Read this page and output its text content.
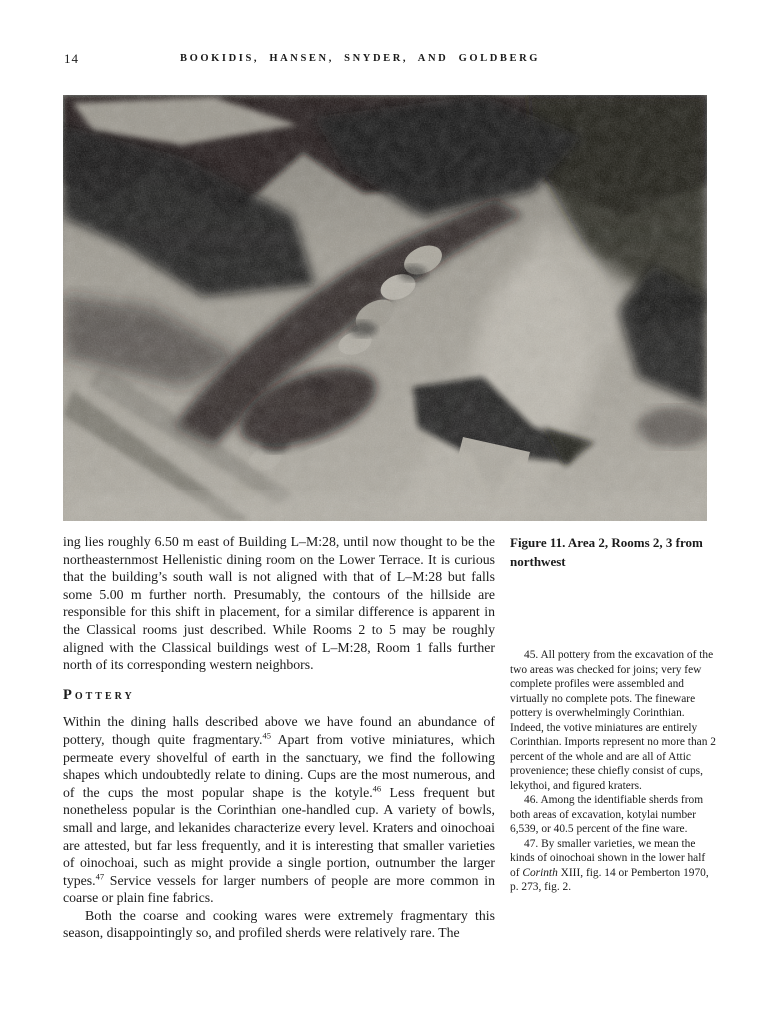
14	BOOKIDIS, HANSEN, SNYDER, AND GOLDBERG
Figure 11. Area 2, Rooms 2, 3 from northwest

ing lies roughly 6.50 m east of Building L–M:28, until now thought to be the northeasternmost Hellenistic dining room on the Lower Terrace. It is curious that the building’s south wall is not aligned with that of L–M:28 but falls some 5.00 m further north. Presumably, the contours of the hillside are responsible for this shift in placement, for a similar difference is apparent in the Classical rooms just described. While Rooms 2 to 5 may be roughly aligned with the Classical buildings west of L–M:28, Room 1 falls further north of its corresponding western neighbors.

Pottery

Within the dining halls described above we have found an abundance of pottery, though quite fragmentary.$^{45}$ Apart from votive miniatures, which permeate every shovelful of earth in the sanctuary, we find the following shapes which undoubtedly relate to dining. Cups are the most numerous, and of the cups the most popular shape is the kotyle.$^{46}$ Less frequent but nonetheless popular is the Corinthian one-handled cup. A variety of bowls, small and large, and lekanides characterize every level. Kraters and oinochoai are attested, but far less frequently, and it is interesting that smaller varieties of oinochoai, such as might provide a single portion, outnumber the larger types.$^{47}$ Service vessels for larger numbers of people are more common in coarse or plain fine fabrics.

Both the coarse and cooking wares were extremely fragmentary this season, disappointingly so, and profiled sherds were relatively rare. The

45. All pottery from the excavation of the two areas was checked for joins; very few complete profiles were assembled and virtually no complete pots. The fineware pottery is overwhelmingly Corinthian. Indeed, the votive miniatures are entirely Corinthian. Imports represent no more than 2 percent of the whole and are all of Attic provenience; these chiefly consist of cups, lekythoi, and figured kraters.

46. Among the identifiable sherds from both areas of excavation, kotylai number 6,539, or 40.5 percent of the fine ware.

47. By smaller varieties, we mean the kinds of oinochoai shown in the lower half of Corinth XIII, fig. 14 or Pemberton 1970, p. 273, fig. 2.
